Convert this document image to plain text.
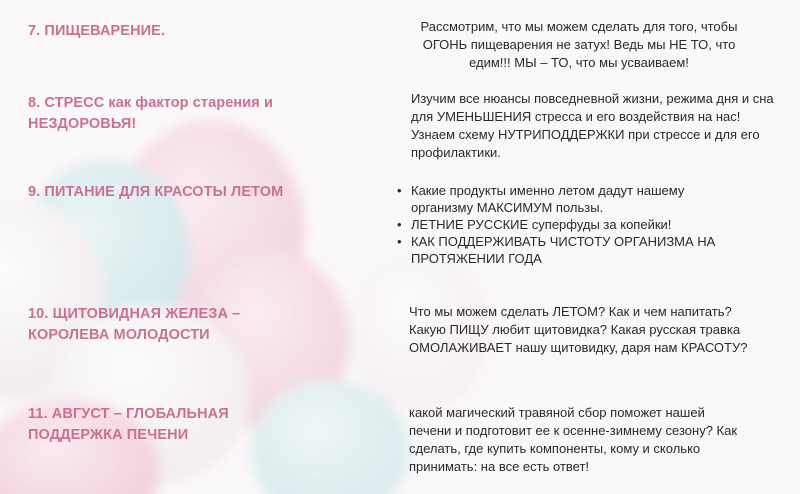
7. ПИЩЕВАРЕНИЕ.	Рассмотрим, что мы можем сделать для того, чтобы ОГОНЬ пищеварения не затух! Ведь мы НЕ ТО, что едим!!! МЫ – ТО, что мы усваиваем!
8. СТРЕСС как фактор старения и НЕЗДОРОВЬЯ!
Изучим все нюансы повседневной жизни, режима дня и сна для УМЕНЬШЕНИЯ стресса и его воздействия на нас! Узнаем схему НУТРИПОДДЕРЖКИ при стрессе и для его профилактики.
9. ПИТАНИЕ ДЛЯ КРАСОТЫ ЛЕТОМ
•	Какие продукты именно летом дадут нашему организму МАКСИМУМ пользы.
• ЛЕТНИЕ РУССКИЕ суперфуды за копейки!
• КАК ПОДДЕРЖИВАТЬ ЧИСТОТУ ОРГАНИЗМА НА ПРОТЯЖЕНИИ ГОДА
10. ЩИТОВИДНАЯ ЖЕЛЕЗА – КОРОЛЕВА МОЛОДОСТИ
Что мы можем сделать ЛЕТОМ? Как и чем напитать? Какую ПИЩУ любит щитовидка? Какая русская травка ОМОЛАЖИВАЕТ нашу щитовидку, даря нам КРАСОТУ?
11. АВГУСТ – ГЛОБАЛЬНАЯ ПОДДЕРЖКА ПЕЧЕНИ
какой магический травяной сбор поможет нашей печени и подготовит ее к осенне-зимнему сезону? Как сделать, где купить компоненты, кому и сколько принимать: на все есть ответ!
